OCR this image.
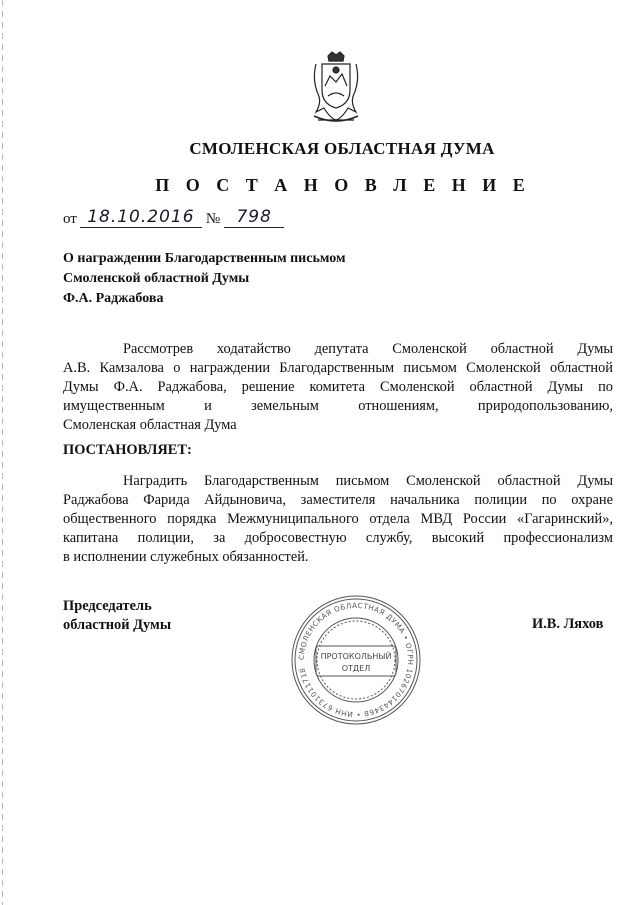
СМОЛЕНСКАЯ ОБЛАСТНАЯ ДУМА
П О С Т А Н О В Л Е Н И Е
от 18.10.2016 № 798
О награждении Благодарственным письмом
Смоленской областной Думы
Ф.А. Раджабова
Рассмотрев ходатайство депутата Смоленской областной Думы
А.В. Камзалова о награждении Благодарственным письмом Смоленской областной
Думы Ф.А. Раджабова, решение комитета Смоленской областной Думы по
имущественным и земельным отношениям, природопользованию,
Смоленская областная Дума
ПОСТАНОВЛЯЕТ:
Наградить Благодарственным письмом Смоленской областной Думы
Раджабова Фарида Айдыновича, заместителя начальника полиции по охране
общественного порядка Межмуниципального отдела МВД России «Гагаринский»,
капитана полиции, за добросовестную службу, высокий профессионализм
в исполнении служебных обязанностей.
Председатель
областной Думы
СМОЛЕНСКАЯ ОБЛАСТНАЯ ДУМА • ОГРН 1026701443468 • ИНН 6731011718
ПРОТОКОЛЬНЫЙ
ОТДЕЛ
И.В. Ляхов
